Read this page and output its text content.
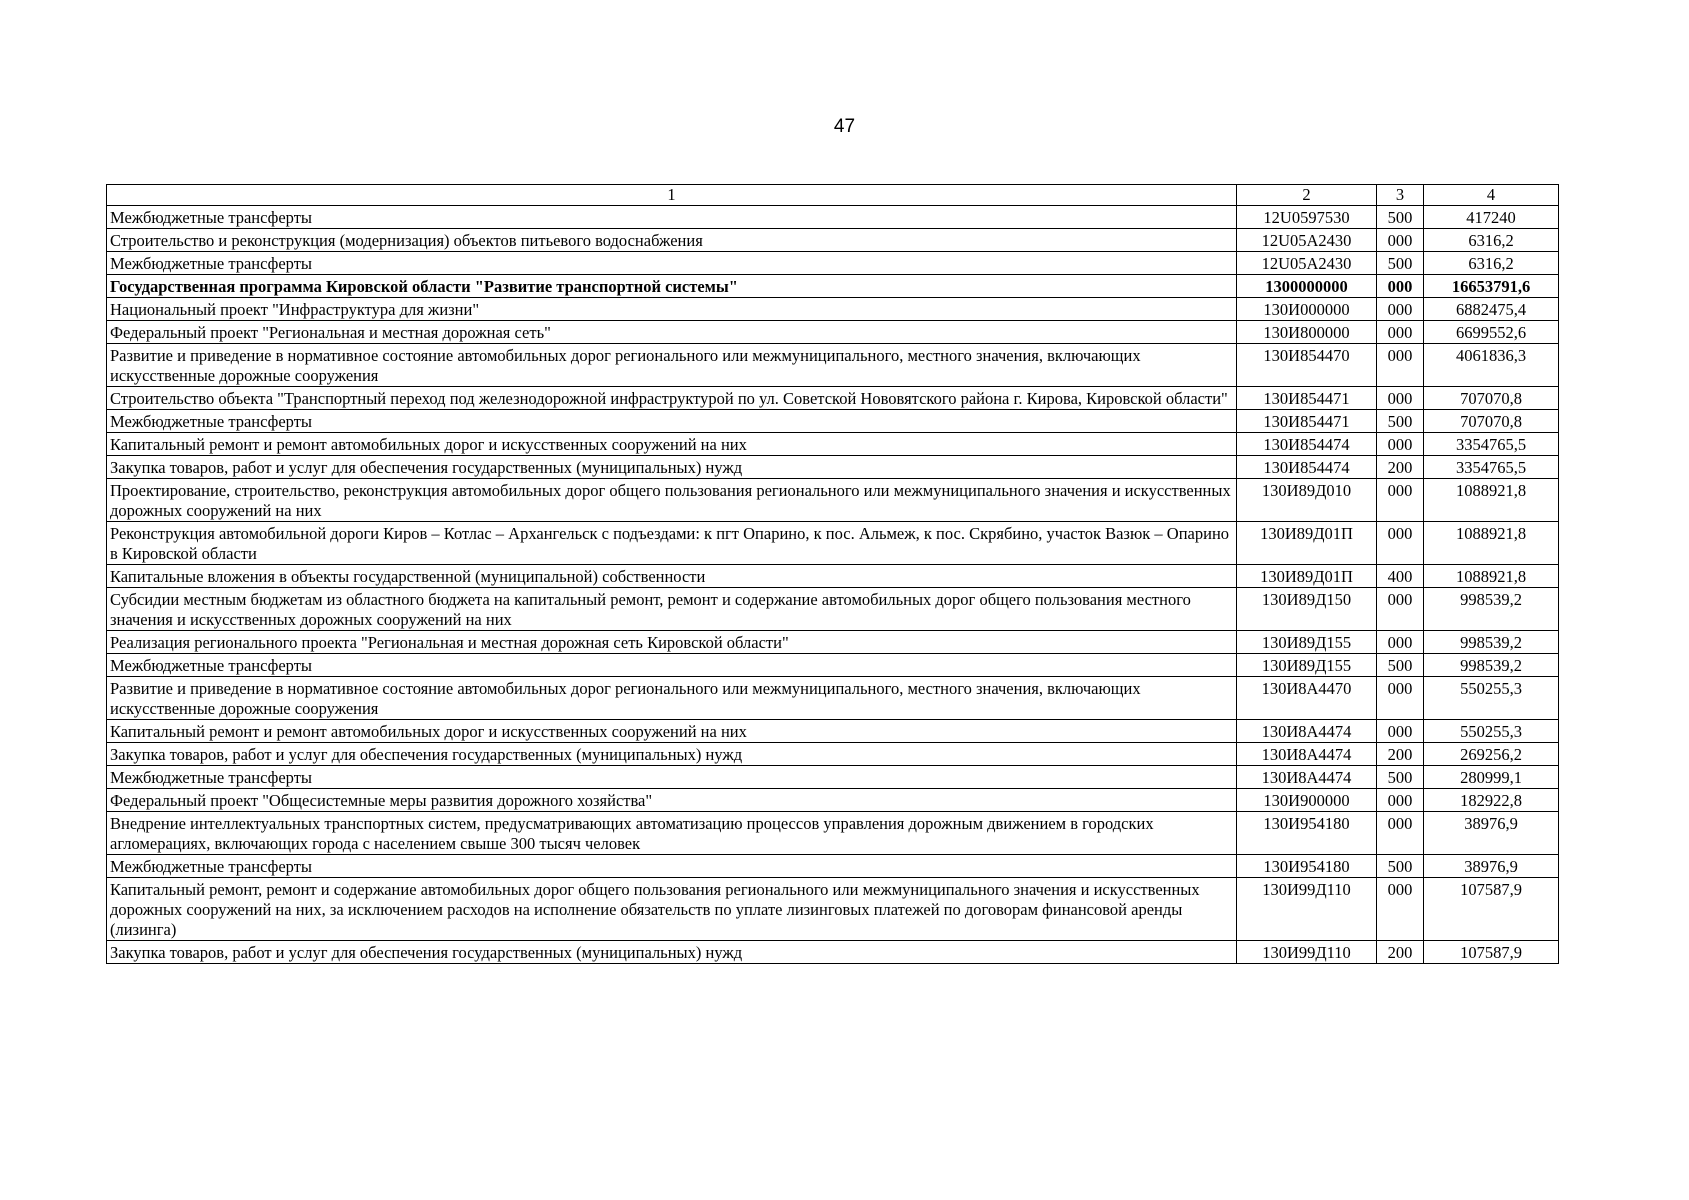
47
1	2	3	4
Межбюджетные трансферты	12U0597530	500	417240
Строительство и реконструкция (модернизация) объектов питьевого водоснабжения	12U05A2430	000	6316,2
Межбюджетные трансферты	12U05A2430	500	6316,2
Государственная программа Кировской области "Развитие транспортной системы"	1300000000	000	16653791,6
Национальный проект "Инфраструктура для жизни"	130И000000	000	6882475,4
Федеральный проект "Региональная и местная дорожная сеть"	130И800000	000	6699552,6
Развитие и приведение в нормативное состояние автомобильных дорог регионального или межмуниципального, местного значения, включающих искусственные дорожные сооружения	130И854470	000	4061836,3
Строительство объекта "Транспортный переход под железнодорожной инфраструктурой по ул. Советской Нововятского района г. Кирова, Кировской области"	130И854471	000	707070,8
Межбюджетные трансферты	130И854471	500	707070,8
Капитальный ремонт и ремонт автомобильных дорог и искусственных сооружений на них	130И854474	000	3354765,5
Закупка товаров, работ и услуг для обеспечения государственных (муниципальных) нужд	130И854474	200	3354765,5
Проектирование, строительство, реконструкция автомобильных дорог общего пользования регионального или межмуниципального значения и искусственных дорожных сооружений на них	130И89Д010	000	1088921,8
Реконструкция автомобильной дороги Киров – Котлас – Архангельск с подъездами: к пгт Опарино, к пос. Альмеж, к пос. Скрябино, участок Вазюк – Опарино в Кировской области	130И89Д01П	000	1088921,8
Капитальные вложения в объекты государственной (муниципальной) собственности	130И89Д01П	400	1088921,8
Субсидии местным бюджетам из областного бюджета на капитальный ремонт, ремонт и содержание автомобильных дорог общего пользования местного значения и искусственных дорожных сооружений на них	130И89Д150	000	998539,2
Реализация регионального проекта "Региональная и местная дорожная сеть Кировской области"	130И89Д155	000	998539,2
Межбюджетные трансферты	130И89Д155	500	998539,2
Развитие и приведение в нормативное состояние автомобильных дорог регионального или межмуниципального, местного значения, включающих искусственные дорожные сооружения	130И8А4470	000	550255,3
Капитальный ремонт и ремонт автомобильных дорог и искусственных сооружений на них	130И8А4474	000	550255,3
Закупка товаров, работ и услуг для обеспечения государственных (муниципальных) нужд	130И8А4474	200	269256,2
Межбюджетные трансферты	130И8А4474	500	280999,1
Федеральный проект "Общесистемные меры развития дорожного хозяйства"	130И900000	000	182922,8
Внедрение интеллектуальных транспортных систем, предусматривающих автоматизацию процессов управления дорожным движением в городских агломерациях, включающих города с населением свыше 300 тысяч человек	130И954180	000	38976,9
Межбюджетные трансферты	130И954180	500	38976,9
Капитальный ремонт, ремонт и содержание автомобильных дорог общего пользования регионального или межмуниципального значения и искусственных дорожных сооружений на них, за исключением расходов на исполнение обязательств по уплате лизинговых платежей по договорам финансовой аренды (лизинга)	130И99Д110	000	107587,9
Закупка товаров, работ и услуг для обеспечения государственных (муниципальных) нужд	130И99Д110	200	107587,9
